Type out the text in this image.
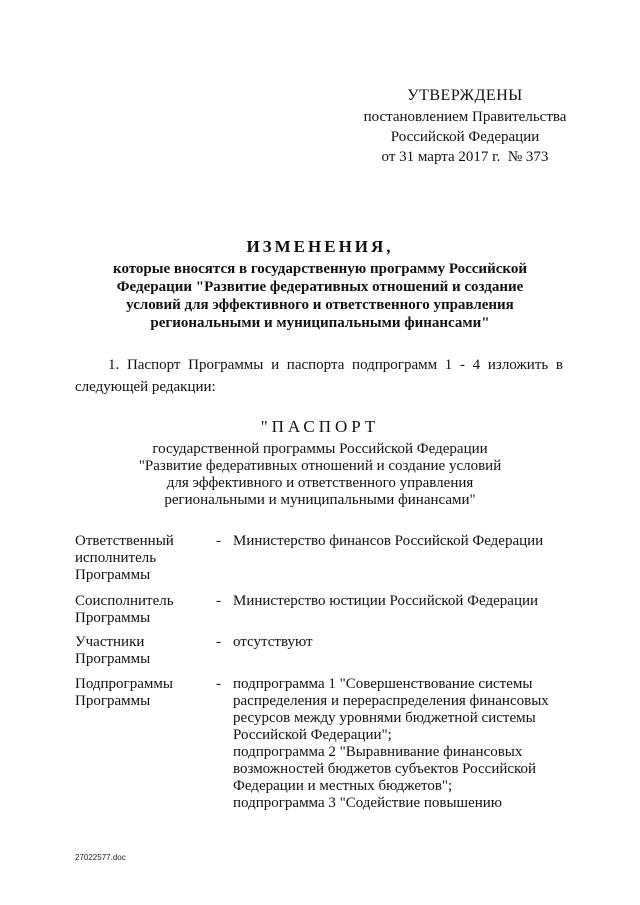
УТВЕРЖДЕНЫ
постановлением Правительства
Российской Федерации
от 31 марта 2017 г. № 373
ИЗМЕНЕНИЯ,
которые вносятся в государственную программу Российской
Федерации "Развитие федеративных отношений и создание
условий для эффективного и ответственного управления
региональными и муниципальными финансами"
1. Паспорт Программы и паспорта подпрограмм 1 - 4 изложить в следующей редакции:
"ПАСПОРТ
государственной программы Российской Федерации
"Развитие федеративных отношений и создание условий
для эффективного и ответственного управления
региональными и муниципальными финансами"
Ответственный
исполнитель
Программы
- Министерство финансов Российской Федерации
Соисполнитель
Программы
- Министерство юстиции Российской Федерации
Участники
Программы
- отсутствуют
Подпрограммы
Программы
- подпрограмма 1 "Совершенствование системы
распределения и перераспределения финансовых
ресурсов между уровнями бюджетной системы
Российской Федерации";
подпрограмма 2 "Выравнивание финансовых
возможностей бюджетов субъектов Российской
Федерации и местных бюджетов";
подпрограмма 3 "Содействие повышению
27022577.doc
